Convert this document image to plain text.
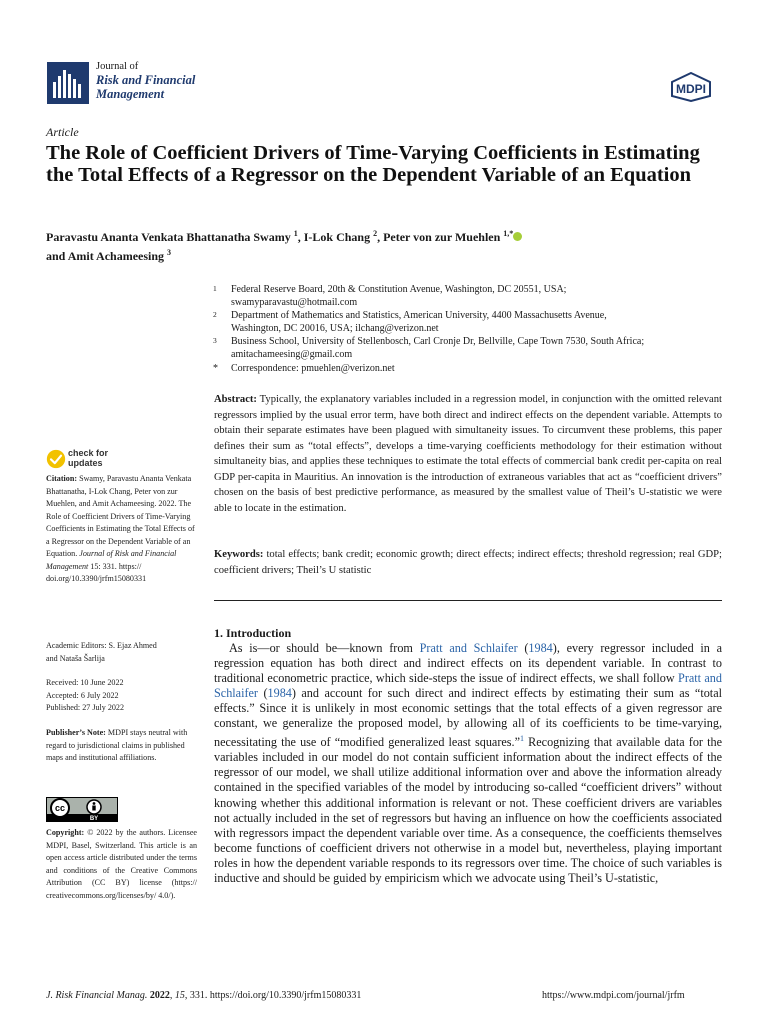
Journal of
Risk and Financial
Management	MDPI
Article
The Role of Coefficient Drivers of Time-Varying Coefficients in Estimating the Total Effects of a Regressor on the Dependent Variable of an Equation
Paravastu Ananta Venkata Bhattanatha Swamy $^1$, I-Lok Chang $^2$, Peter von zur Muehlen $^{1,*}$
and Amit Achameesing $^3$
1 Federal Reserve Board, 20th & Constitution Avenue, Washington, DC 20551, USA;
swamyparavastu@hotmail.com
2 Department of Mathematics and Statistics, American University, 4400 Massachusetts Avenue,
Washington, DC 20016, USA; ilchang@verizon.net
3 Business School, University of Stellenbosch, Carl Cronje Dr, Bellville, Cape Town 7530, South Africa;
amitachameesing@gmail.com
* Correspondence: pmuehlen@verizon.net
Abstract: Typically, the explanatory variables included in a regression model, in conjunction with the omitted relevant regressors implied by the usual error term, have both direct and indirect effects on the dependent variable. Attempts to obtain their separate estimates have been plagued with simultaneity issues. To circumvent these problems, this paper defines their sum as “total effects”, develops a time-varying coefficients methodology for their estimation without simultaneity bias, and applies these techniques to estimate the total effects of commercial bank credit per-capita on real GDP per-capita in Mauritius. An innovation is the introduction of extraneous variables that act as “coefficient drivers” chosen on the basis of best predictive performance, as measured by the smallest value of Theil’s U-statistic we were able to locate in the estimation.
Keywords: total effects; bank credit; economic growth; direct effects; indirect effects; threshold regression; real GDP; coefficient drivers; Theil’s U statistic
check for
updates
Citation: Swamy, Paravastu Ananta Venkata Bhattanatha, I-Lok Chang, Peter von zur Muehlen, and Amit Achameesing. 2022. The Role of Coefficient Drivers of Time-Varying Coefficients in Estimating the Total Effects of a Regressor on the Dependent Variable of an Equation. Journal of Risk and Financial Management 15: 331. https:// doi.org/10.3390/jrfm15080331
Academic Editors: S. Ejaz Ahmed
and Nataša Šarlija
Received: 10 June 2022
Accepted: 6 July 2022
Published: 27 July 2022
Publisher’s Note: MDPI stays neutral with regard to jurisdictional claims in published maps and institutional affiliations.
cc
BY
Copyright: © 2022 by the authors. Licensee MDPI, Basel, Switzerland. This article is an open access article distributed under the terms and conditions of the Creative Commons Attribution (CC BY) license (https:// creativecommons.org/licenses/by/ 4.0/).
1. Introduction
As is—or should be—known from Pratt and Schlaifer (1984), every regressor included in a regression equation has both direct and indirect effects on its dependent variable. In contrast to traditional econometric practice, which side-steps the issue of indirect effects, we shall follow Pratt and Schlaifer (1984) and account for such direct and indirect effects by estimating their sum as “total effects.” Since it is unlikely in most economic settings that the total effects of a given regressor are constant, we generalize the proposed model, by allowing all of its coefficients to be time-varying, necessitating the use of “modified generalized least squares.”$^1$ Recognizing that available data for the variables included in our model do not contain sufficient information about the indirect effects of the regressor of our model, we shall utilize additional information over and above the information already contained in the specified variables of the model by introducing so-called “coefficient drivers” without knowing whether this additional information is relevant or not. These coefficient drivers are variables not actually included in the set of regressors but having an influence on how the coefficients associated with regressors impact the dependent variable over time. As a consequence, the coefficients themselves become functions of coefficient drivers not otherwise in a model but, nevertheless, playing important roles in how the dependent variable responds to its regressors over time. The choice of such variables is inductive and should be guided by empiricism which we advocate using Theil’s U-statistic,
J. Risk Financial Manag. 2022, 15, 331. https://doi.org/10.3390/jrfm15080331	https://www.mdpi.com/journal/jrfm
